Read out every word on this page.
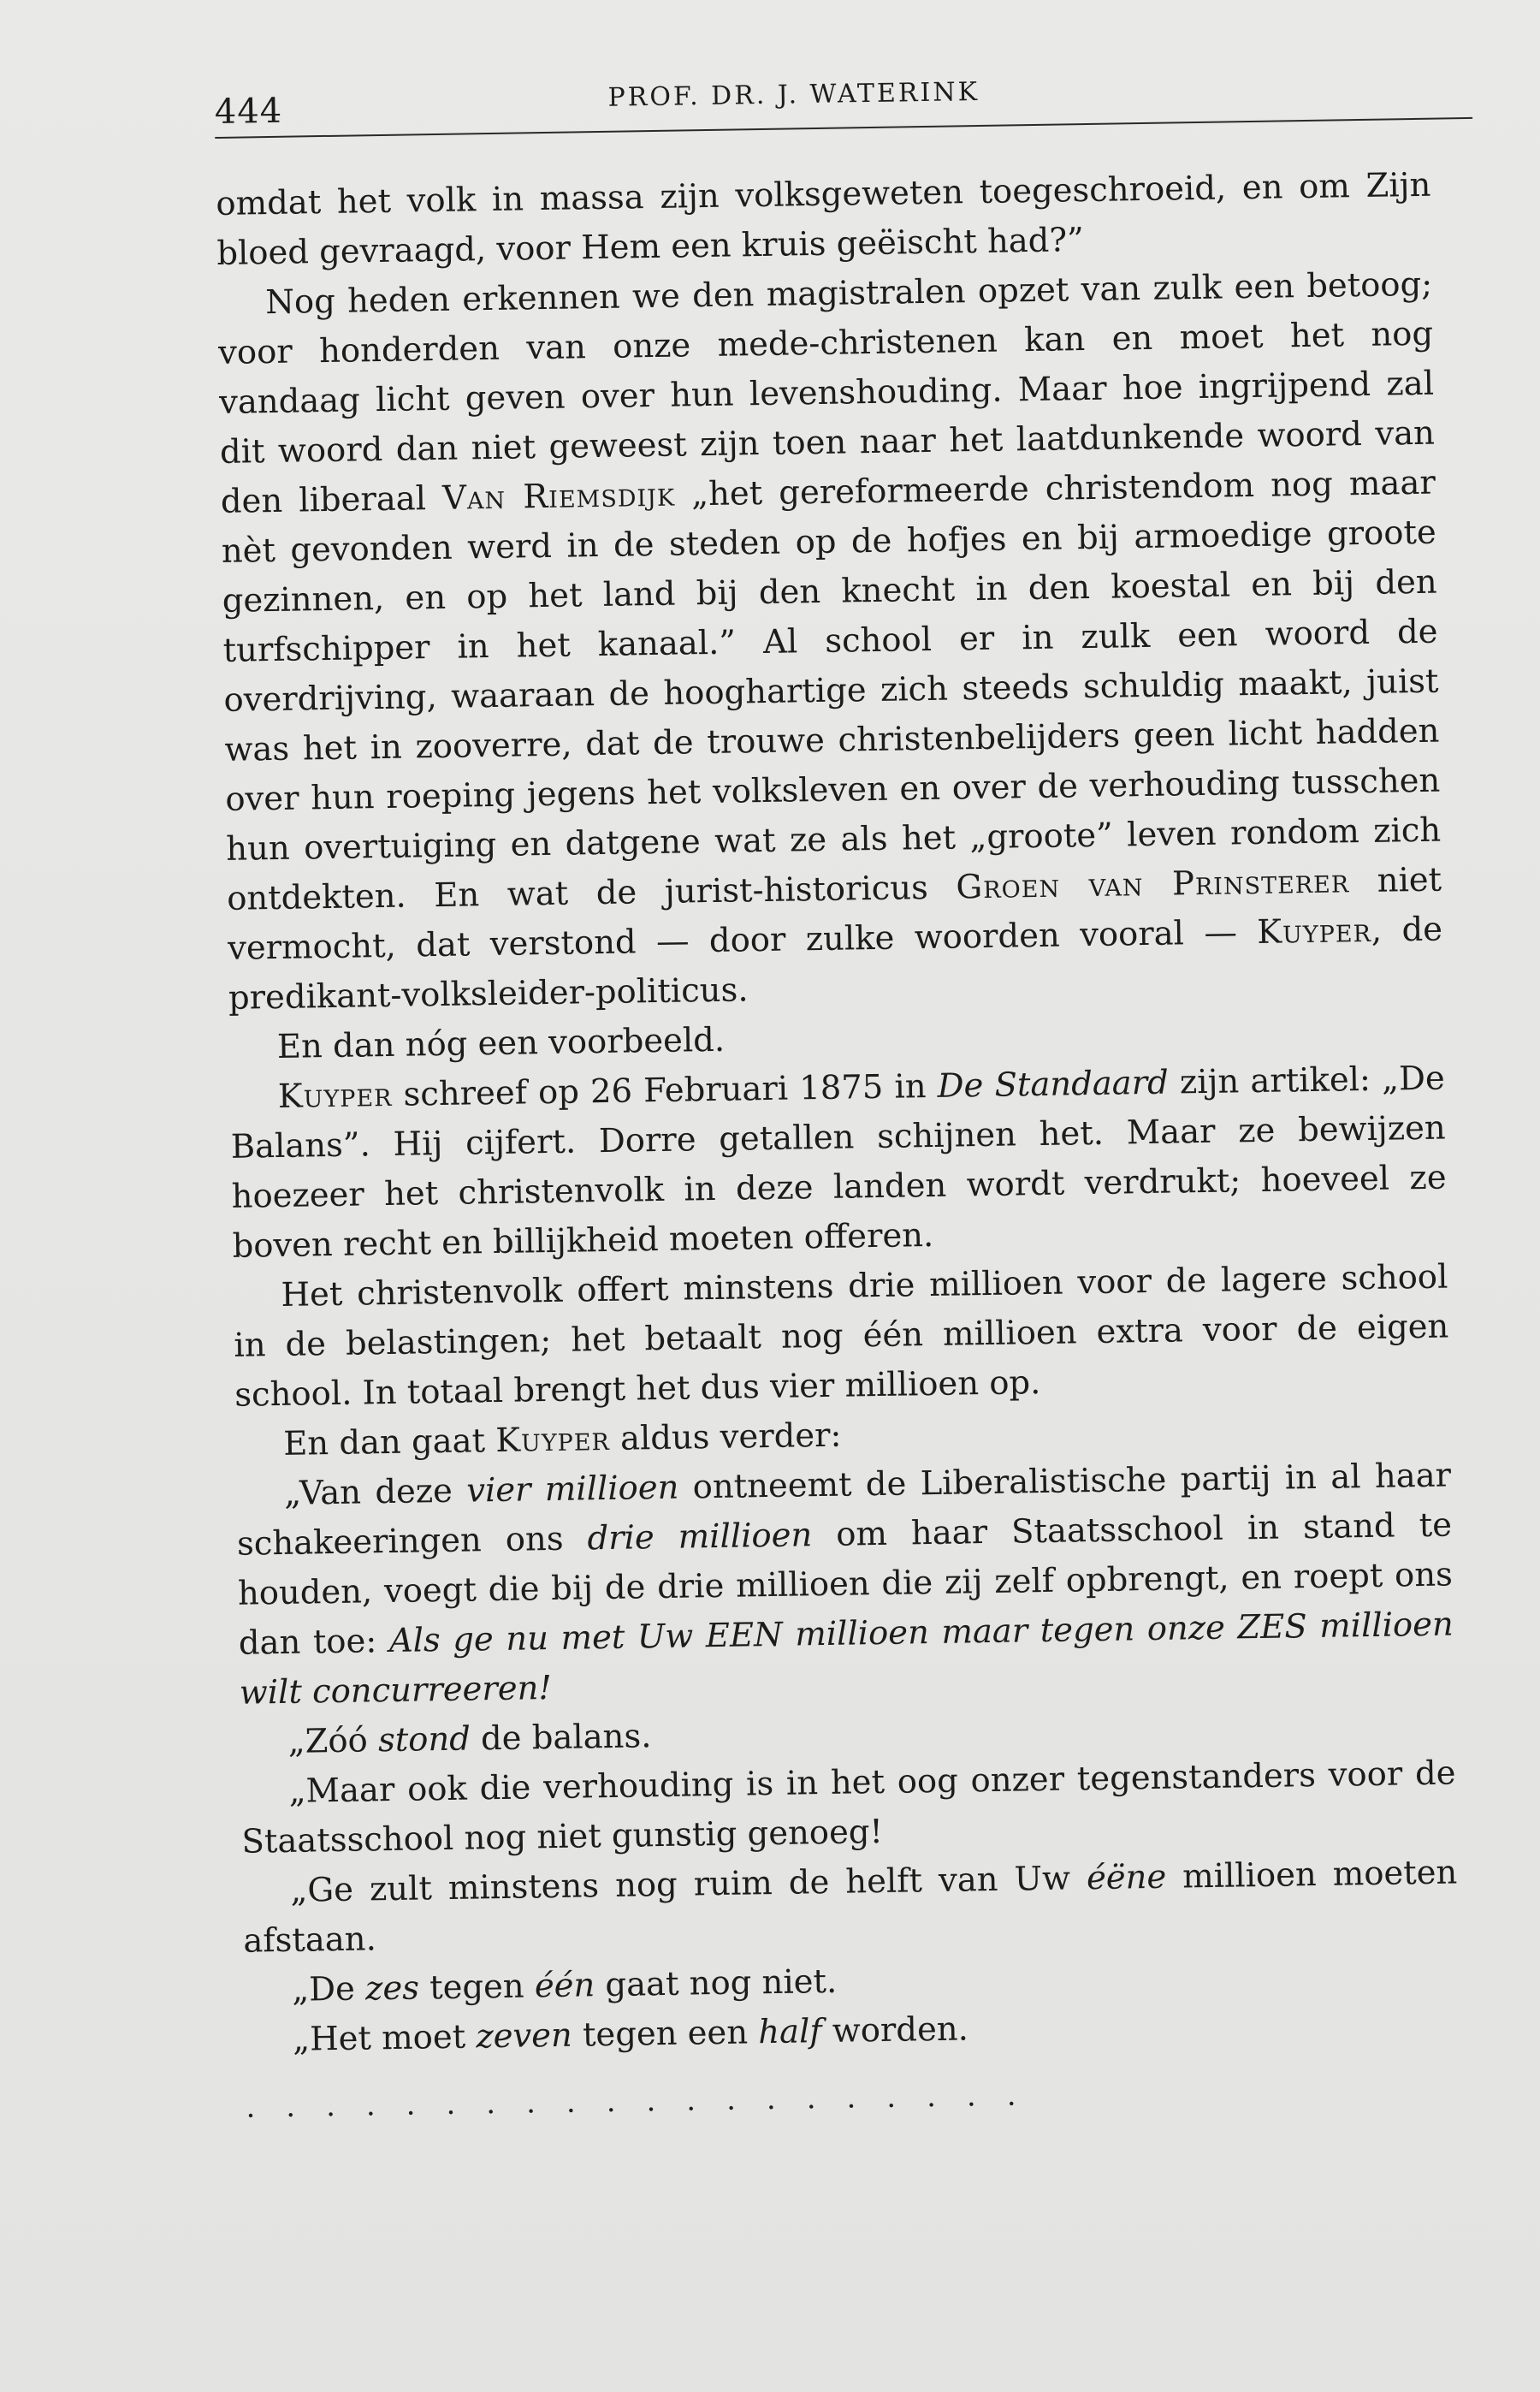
444	PROF. DR. J. WATERINK

omdat het volk in massa zijn volksgeweten toegeschroeid, en om Zijn bloed gevraagd, voor Hem een kruis geëischt had?”

Nog heden erkennen we den magistralen opzet van zulk een betoog; voor honderden van onze mede-christenen kan en moet het nog vandaag licht geven over hun levenshouding. Maar hoe ingrijpend zal dit woord dan niet geweest zijn toen naar het laatdunkende woord van den liberaal Van Riemsdijk „het gereformeerde christendom nog maar nèt gevonden werd in de steden op de hofjes en bij armoedige groote gezinnen, en op het land bij den knecht in den koestal en bij den turfschipper in het kanaal.” Al school er in zulk een woord de overdrijving, waaraan de hooghartige zich steeds schuldig maakt, juist was het in zooverre, dat de trouwe christenbelijders geen licht hadden over hun roeping jegens het volksleven en over de verhouding tusschen hun overtuiging en datgene wat ze als het „groote” leven rondom zich ontdekten. En wat de jurist-historicus Groen van Prinsterer niet vermocht, dat verstond — door zulke woorden vooral — Kuyper, de predikant-volksleider-politicus.

En dan nóg een voorbeeld.

Kuyper schreef op 26 Februari 1875 in De Standaard zijn artikel: „De Balans”. Hij cijfert. Dorre getallen schijnen het. Maar ze bewijzen hoezeer het christenvolk in deze landen wordt verdrukt; hoeveel ze boven recht en billijkheid moeten offeren.

Het christenvolk offert minstens drie millioen voor de lagere school in de belastingen; het betaalt nog één millioen extra voor de eigen school. In totaal brengt het dus vier millioen op.

En dan gaat Kuyper aldus verder:

„Van deze vier millioen ontneemt de Liberalistische partij in al haar schakeeringen ons drie millioen om haar Staatsschool in stand te houden, voegt die bij de drie millioen die zij zelf opbrengt, en roept ons dan toe: Als ge nu met Uw EEN millioen maar tegen onze ZES millioen wilt concurreeren!

„Zóó stond de balans.

„Maar ook die verhouding is in het oog onzer tegenstanders voor de Staatsschool nog niet gunstig genoeg!

„Ge zult minstens nog ruim de helft van Uw éëne millioen moeten afstaan.

„De zes tegen één gaat nog niet.

„Het moet zeven tegen een half worden.

....................
